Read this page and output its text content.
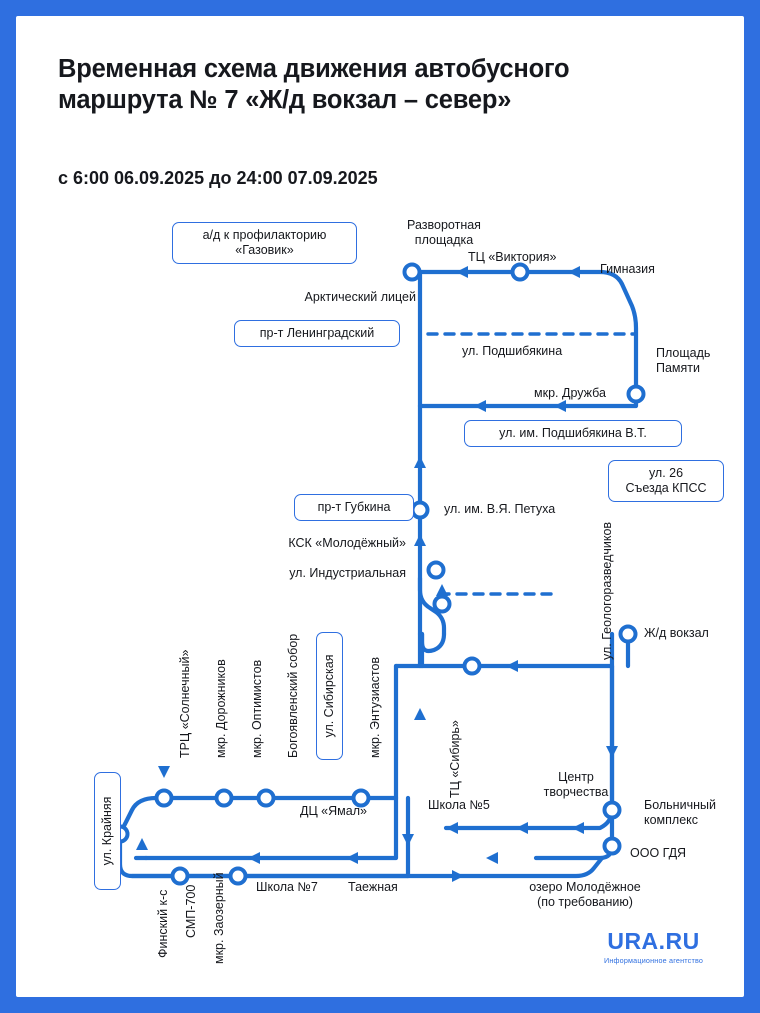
Временная схема движения автобусного маршрута № 7 «Ж/д вокзал – север»
с 6:00 06.09.2025 до 24:00 07.09.2025
Разворотная
площадка
ТЦ «Виктория»
Гимназия
Арктический лицей
ул. Подшибякина	Площадь
Памяти
мкр. Дружба
ул. им. В.Я. Петуха
КСК «Молодёжный»
ул. Индустриальная
Ж/д вокзал
ДЦ «Ямал»	Школа №5
Центр
творчества
Больничный
комплекс
ООО ГДЯ
Школа №7 Таежная	озеро Молодёжное
(по требованию)
ТРЦ «Солнечный» мкр. Дорожников мкр. Оптимистов Богоявленский собор	мкр. Энтузиастов
ТЦ «Сибирь»
ул. Геологоразведчиков
Финский к-с СМП-700 мкр. Заозерный
а/д к профилакторию
«Газовик»
пр-т Ленинградский
ул. им. Подшибякина В.Т.
ул. 26
Съезда КПСС
пр-т Губкина
ул. Сибирская
ул. Крайняя
URA.RU
Информационное агентство
URA.RU
